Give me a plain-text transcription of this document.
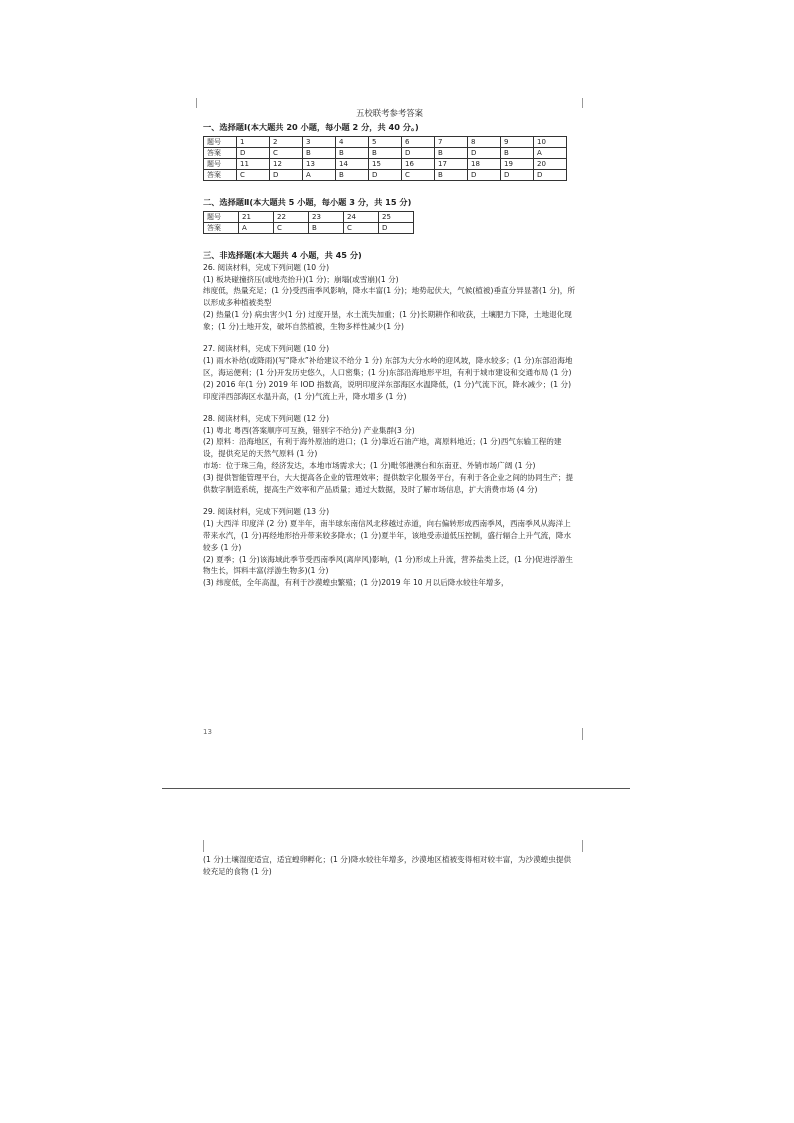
五校联考参考答案
一、选择题Ⅰ(本大题共 20 小题，每小题 2 分，共 40 分。)
题号	1	2	3	4	5	6	7	8	9	10
答案	D	C	B	B	B	D	B	D	B	A
题号	11	12	13	14	15	16	17	18	19	20
答案	C	D	A	B	D	C	B	D	D	D
二、选择题Ⅱ(本大题共 5 小题，每小题 3 分，共 15 分)
题号	21	22	23	24	25
答案	A	C	B	C	D
三、非选择题(本大题共 4 小题，共 45 分)

26. 阅读材料，完成下列问题 (10 分)

(1) 板块碰撞挤压(或地壳抬升)(1 分)；崩塌(或雪崩)(1 分)

纬度低，热量充足；(1 分)受西南季风影响，降水丰富(1 分)；地势起伏大，气候(植被)垂直分异显著(1 分)，所以形成多种植被类型

(2) 热量(1 分) 病虫害少(1 分) 过度开垦，水土流失加重；(1 分)长期耕作和收获，土壤肥力下降，土地退化现象；(1 分)土地开发，破坏自然植被，生物多样性减少(1 分)

27. 阅读材料，完成下列问题 (10 分)

(1) 雨水补给(或降雨)(写“降水”补给建议不给分 1 分) 东部为大分水岭的迎风坡，降水较多；(1 分)东部沿海地区，海运便利；(1 分)开发历史悠久，人口密集；(1 分)东部沿海地形平坦，有利于城市建设和交通布局 (1 分)

(2) 2016 年(1 分) 2019 年 IOD 指数高，说明印度洋东部海区水温降低，(1 分)气流下沉，降水减少；(1 分)印度洋西部海区水温升高，(1 分)气流上升，降水增多 (1 分)

28. 阅读材料，完成下列问题 (12 分)

(1) 粤北 粤西(答案顺序可互换，错别字不给分) 产业集群(3 分)

(2) 原料：沿海地区，有利于海外原油的进口；(1 分)靠近石油产地，离原料地近；(1 分)西气东输工程的建设，提供充足的天然气原料 (1 分)

市场：位于珠三角，经济发达，本地市场需求大；(1 分)毗邻港澳台和东南亚、外销市场广阔 (1 分)

(3) 提供智能管理平台，大大提高各企业的管理效率；提供数字化服务平台，有利于各企业之间的协同生产；提供数字制造系统，提高生产效率和产品质量；通过大数据，及时了解市场信息，扩大消费市场 (4 分)

29. 阅读材料，完成下列问题 (13 分)

(1) 大西洋 印度洋 (2 分) 夏半年，南半球东南信风北移越过赤道，向右偏转形成西南季风，西南季风从海洋上带来水汽，(1 分)再经地形抬升带来较多降水；(1 分)夏半年，该地受赤道低压控制，盛行辐合上升气流，降水较多 (1 分)

(2) 夏季；(1 分)该海域此季节受西南季风(离岸风)影响，(1 分)形成上升流，营养盐类上泛，(1 分)促进浮游生物生长，饵料丰富(浮游生物多)(1 分)

(3) 纬度低，全年高温，有利于沙漠蝗虫繁殖；(1 分)2019 年 10 月以后降水较往年增多，

13

(1 分)土壤湿度适宜，适宜蝗卵孵化；(1 分)降水较往年增多，沙漠地区植被变得相对较丰富，为沙漠蝗虫提供较充足的食物 (1 分)
